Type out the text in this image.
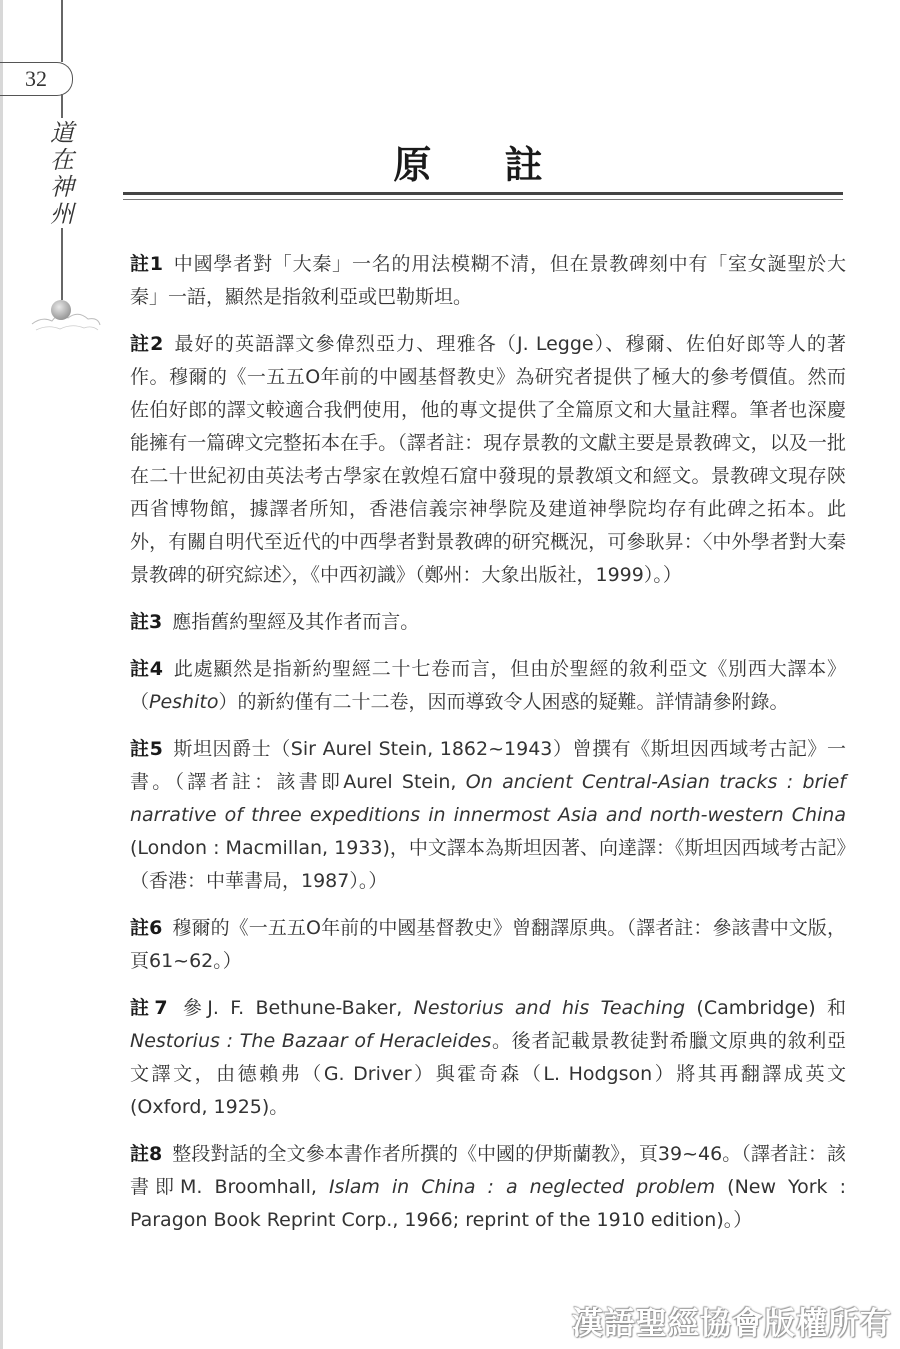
32
道
在
神
州
原 註

註1 中國學者對「大秦」一名的用法模糊不清，但在景教碑刻中有「室女誕聖於大秦」一語，顯然是指敘利亞或巴勒斯坦。

註2 最好的英語譯文參偉烈亞力、理雅各（J. Legge）、穆爾、佐伯好郎等人的著作。穆爾的《一五五O年前的中國基督教史》為研究者提供了極大的參考價值。然而佐伯好郎的譯文較適合我們使用，他的專文提供了全篇原文和大量註釋。筆者也深慶能擁有一篇碑文完整拓本在手。（譯者註：現存景教的文獻主要是景教碑文，以及一批在二十世紀初由英法考古學家在敦煌石窟中發現的景教頌文和經文。景教碑文現存陝西省博物館，據譯者所知，香港信義宗神學院及建道神學院均存有此碑之拓本。此外，有關自明代至近代的中西學者對景教碑的研究概況，可參耿昇：〈中外學者對大秦景教碑的研究綜述〉，《中西初識》（鄭州：大象出版社，1999）。）

註3 應指舊約聖經及其作者而言。

註4 此處顯然是指新約聖經二十七卷而言，但由於聖經的敘利亞文《別西大譯本》（Peshito）的新約僅有二十二卷，因而導致令人困惑的疑難。詳情請參附錄。

註5 斯坦因爵士（Sir Aurel Stein, 1862~1943）曾撰有《斯坦因西域考古記》一書。（譯者註：該書即Aurel Stein, On ancient Central-Asian tracks : brief narrative of three expeditions in innermost Asia and north-western China (London : Macmillan, 1933)，中文譯本為斯坦因著、向達譯：《斯坦因西域考古記》（香港：中華書局，1987）。）

註6 穆爾的《一五五O年前的中國基督教史》曾翻譯原典。（譯者註：參該書中文版，頁61~62。）

註7 參J. F. Bethune-Baker, Nestorius and his Teaching (Cambridge) 和 Nestorius : The Bazaar of Heracleides。後者記載景教徒對希臘文原典的敘利亞文譯文，由德賴弗（G. Driver）與霍奇森（L. Hodgson）將其再翻譯成英文 (Oxford, 1925)。

註8 整段對話的全文參本書作者所撰的《中國的伊斯蘭教》，頁39~46。（譯者註：該書即M. Broomhall, Islam in China : a neglected problem (New York : Paragon Book Reprint Corp., 1966; reprint of the 1910 edition)。）

漢語聖經協會版權所有
